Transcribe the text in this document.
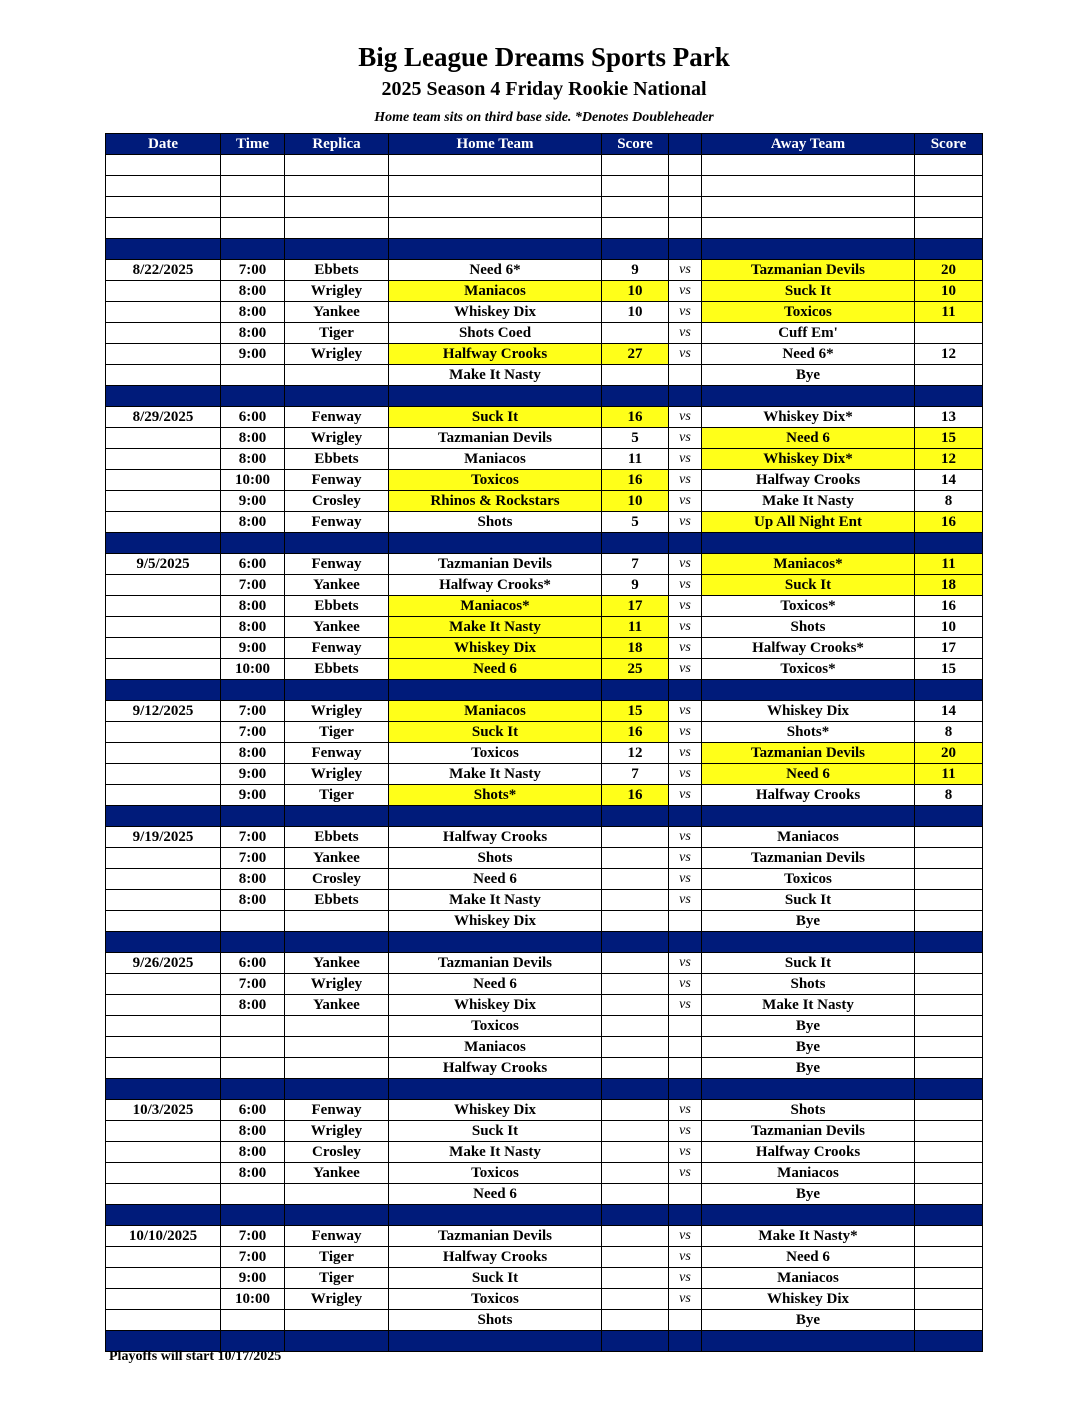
Big League Dreams Sports Park
2025 Season 4 Friday Rookie National
Home team sits on third base side. *Denotes Doubleheader
Date	Time	Replica	Home Team	Score		Away Team	Score

8/22/2025	7:00	Ebbets	Need 6*	9	vs	Tazmanian Devils	20
	8:00	Wrigley	Maniacos	10	vs	Suck It	10
	8:00	Yankee	Whiskey Dix	10	vs	Toxicos	11
	8:00	Tiger	Shots Coed		vs	Cuff Em'	
	9:00	Wrigley	Halfway Crooks	27	vs	Need 6*	12
			Make It Nasty			Bye	

8/29/2025	6:00	Fenway	Suck It	16	vs	Whiskey Dix*	13
	8:00	Wrigley	Tazmanian Devils	5	vs	Need 6	15
	8:00	Ebbets	Maniacos	11	vs	Whiskey Dix*	12
	10:00	Fenway	Toxicos	16	vs	Halfway Crooks	14
	9:00	Crosley	Rhinos & Rockstars	10	vs	Make It Nasty	8
	8:00	Fenway	Shots	5	vs	Up All Night Ent	16

9/5/2025	6:00	Fenway	Tazmanian Devils	7	vs	Maniacos*	11
	7:00	Yankee	Halfway Crooks*	9	vs	Suck It	18
	8:00	Ebbets	Maniacos*	17	vs	Toxicos*	16
	8:00	Yankee	Make It Nasty	11	vs	Shots	10
	9:00	Fenway	Whiskey Dix	18	vs	Halfway Crooks*	17
	10:00	Ebbets	Need 6	25	vs	Toxicos*	15

9/12/2025	7:00	Wrigley	Maniacos	15	vs	Whiskey Dix	14
	7:00	Tiger	Suck It	16	vs	Shots*	8
	8:00	Fenway	Toxicos	12	vs	Tazmanian Devils	20
	9:00	Wrigley	Make It Nasty	7	vs	Need 6	11
	9:00	Tiger	Shots*	16	vs	Halfway Crooks	8

9/19/2025	7:00	Ebbets	Halfway Crooks		vs	Maniacos	
	7:00	Yankee	Shots		vs	Tazmanian Devils	
	8:00	Crosley	Need 6		vs	Toxicos	
	8:00	Ebbets	Make It Nasty		vs	Suck It	
			Whiskey Dix			Bye	

9/26/2025	6:00	Yankee	Tazmanian Devils		vs	Suck It	
	7:00	Wrigley	Need 6		vs	Shots	
	8:00	Yankee	Whiskey Dix		vs	Make It Nasty	
			Toxicos			Bye	
			Maniacos			Bye	
			Halfway Crooks			Bye	

10/3/2025	6:00	Fenway	Whiskey Dix		vs	Shots	
	8:00	Wrigley	Suck It		vs	Tazmanian Devils	
	8:00	Crosley	Make It Nasty		vs	Halfway Crooks	
	8:00	Yankee	Toxicos		vs	Maniacos	
			Need 6			Bye	

10/10/2025	7:00	Fenway	Tazmanian Devils		vs	Make It Nasty*	
	7:00	Tiger	Halfway Crooks		vs	Need 6	
	9:00	Tiger	Suck It		vs	Maniacos	
	10:00	Wrigley	Toxicos		vs	Whiskey Dix	
			Shots			Bye	

Playoffs will start 10/17/2025
